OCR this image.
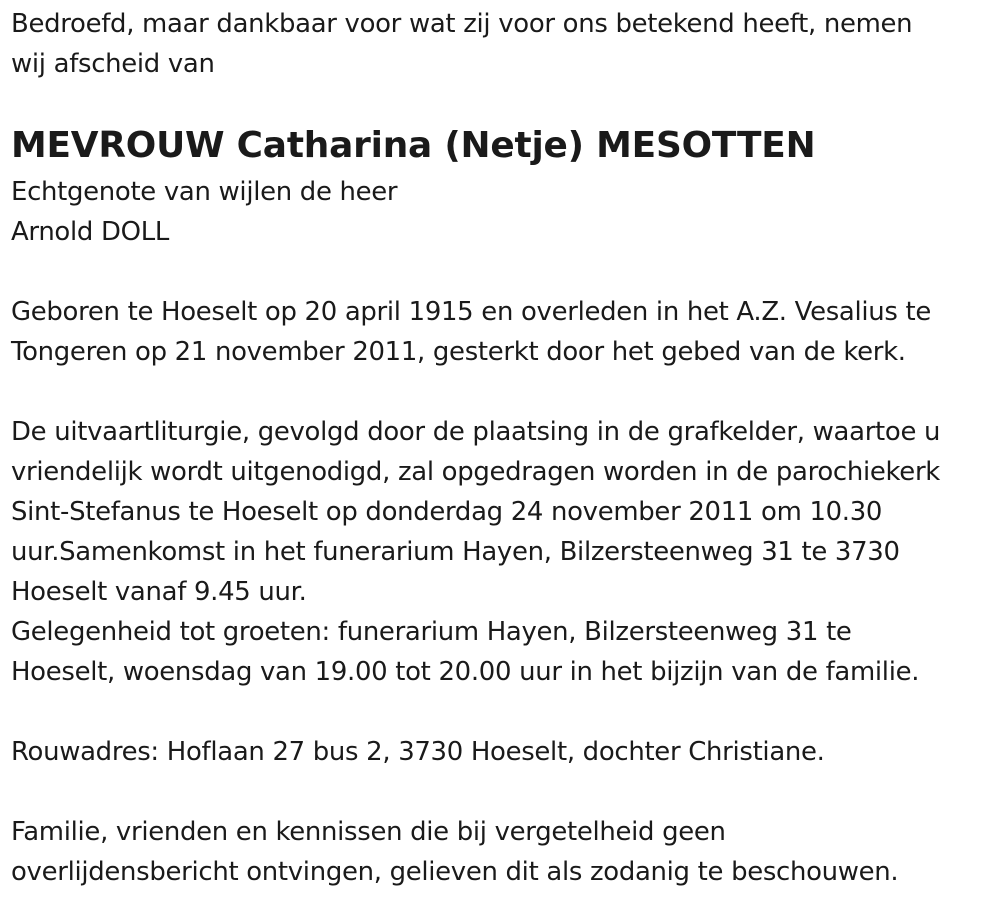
Bedroefd, maar dankbaar voor wat zij voor ons betekend heeft, nemen
wij afscheid van
MEVROUW Catharina (Netje) MESOTTEN
Echtgenote van wijlen de heer
Arnold DOLL
Geboren te Hoeselt op 20 april 1915 en overleden in het A.Z. Vesalius te
Tongeren op 21 november 2011, gesterkt door het gebed van de kerk.
De uitvaartliturgie, gevolgd door de plaatsing in de grafkelder, waartoe u
vriendelijk wordt uitgenodigd, zal opgedragen worden in de parochiekerk
Sint-Stefanus te Hoeselt op donderdag 24 november 2011 om 10.30
uur.Samenkomst in het funerarium Hayen, Bilzersteenweg 31 te 3730
Hoeselt vanaf 9.45 uur.
Gelegenheid tot groeten: funerarium Hayen, Bilzersteenweg 31 te
Hoeselt, woensdag van 19.00 tot 20.00 uur in het bijzijn van de familie.
Rouwadres: Hoflaan 27 bus 2, 3730 Hoeselt, dochter Christiane.
Familie, vrienden en kennissen die bij vergetelheid geen
overlijdensbericht ontvingen, gelieven dit als zodanig te beschouwen.
